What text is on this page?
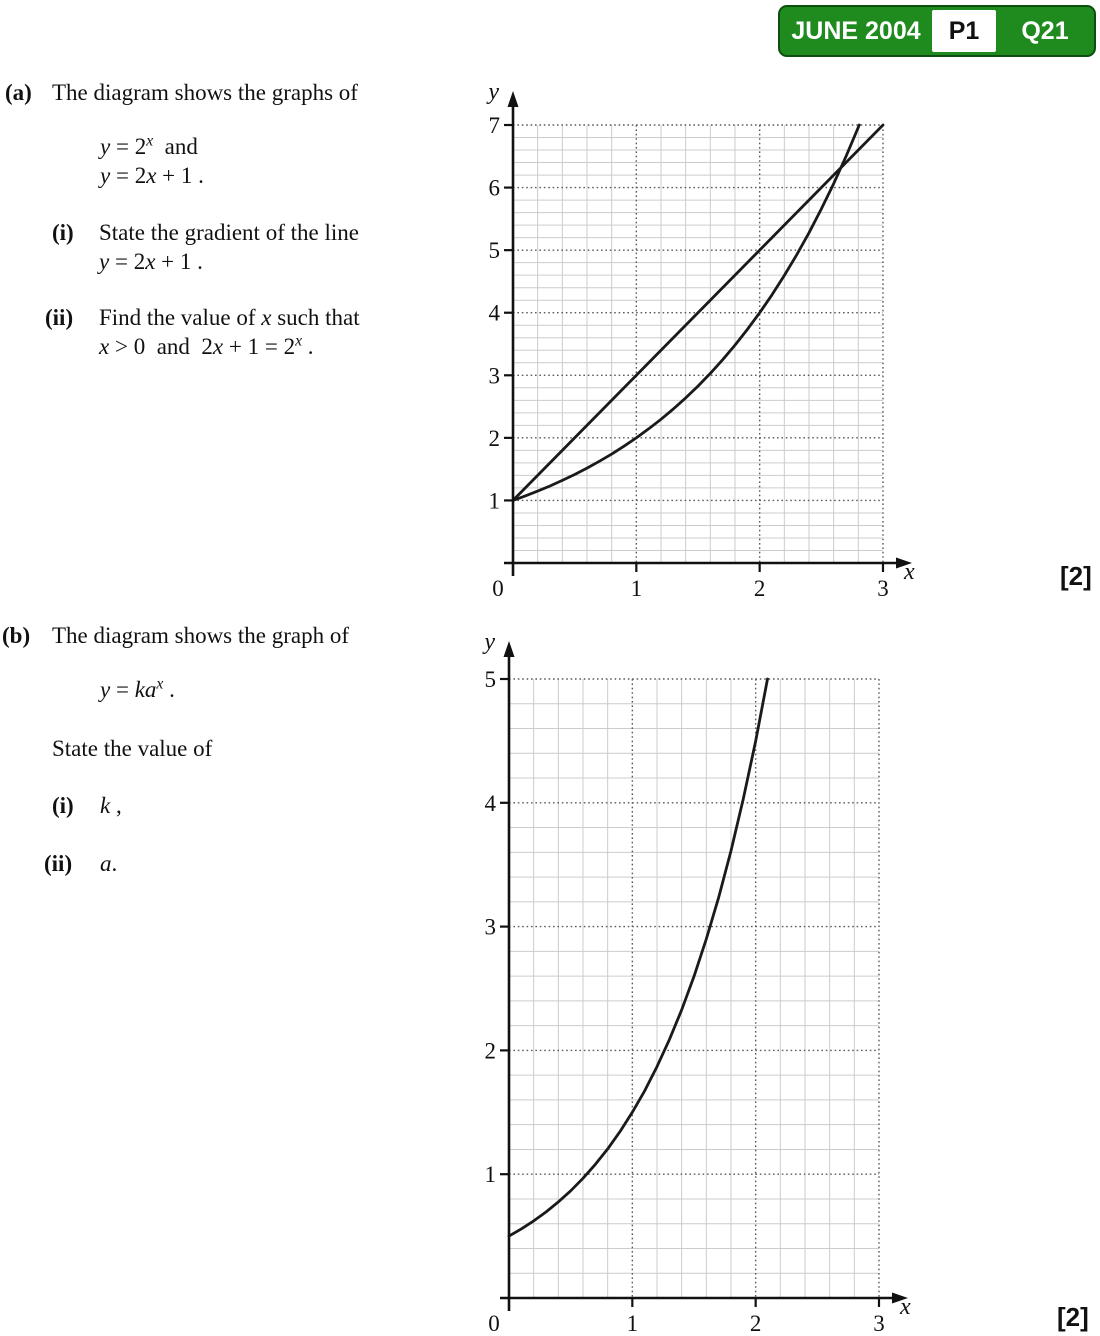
JUNE 2004	P1	Q21
(a) The diagram shows the graphs of
$y = 2^x$  and
y = 2x + 1 .
(i) State the gradient of the line
y = 2x + 1 .
(ii) Find the value of x such that
x > 0  and  $2x + 1 = 2^x$ .
0	1	2	3
1
2
3
4
5
6
7
y
x	[2]
(b) The diagram shows the graph of
$y = ka^x$ .
State the value of
(i) k ,
(ii) a.
0	1	2	3
1
2
3
4
5
y
x	[2]
